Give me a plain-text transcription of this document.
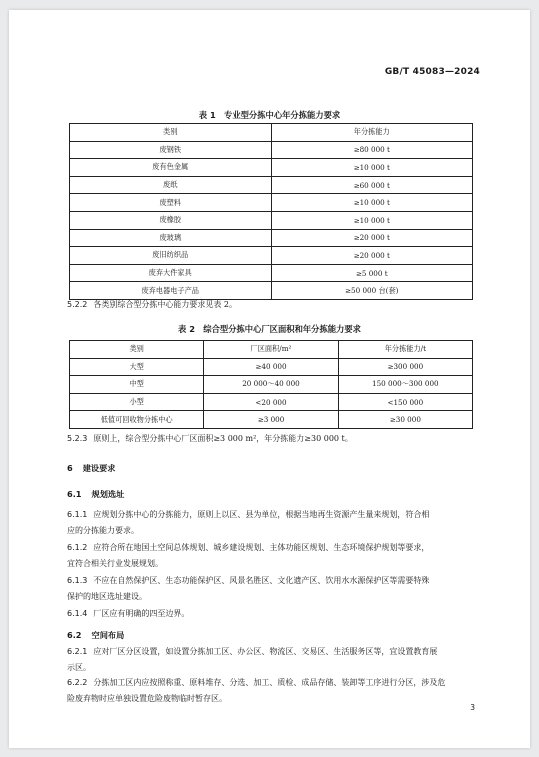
GB/T 45083—2024
表 1　专业型分拣中心年分拣能力要求
类别	年分拣能力
废钢铁	≥80 000 t
废有色金属	≥10 000 t
废纸	≥60 000 t
废塑料	≥10 000 t
废橡胶	≥10 000 t
废玻璃	≥20 000 t
废旧纺织品	≥20 000 t
废弃大件家具	≥5 000 t
废弃电器电子产品	≥50 000 台(套)
5.2.2 各类别综合型分拣中心能力要求见表 2。
表 2　综合型分拣中心厂区面积和年分拣能力要求
类别	厂区面积/m²	年分拣能力/t
大型	≥40 000	≥300 000
中型	20 000～40 000	150 000～300 000
小型	<20 000	<150 000
低值可回收物分拣中心	≥3 000	≥30 000
5.2.3 原则上，综合型分拣中心厂区面积≥3 000 m²，年分拣能力≥30 000 t。
6 建设要求
6.1 规划选址
6.1.1 应规划分拣中心的分拣能力，原则上以区、县为单位，根据当地再生资源产生量来规划，符合相
应的分拣能力要求。
6.1.2 应符合所在地国土空间总体规划、城乡建设规划、主体功能区规划、生态环境保护规划等要求，
宜符合相关行业发展规划。
6.1.3 不应在自然保护区、生态功能保护区、风景名胜区、文化遗产区、饮用水水源保护区等需要特殊
保护的地区选址建设。
6.1.4 厂区应有明确的四至边界。
6.2 空间布局
6.2.1 应对厂区分区设置，如设置分拣加工区、办公区、物流区、交易区、生活服务区等，宜设置教育展
示区。
6.2.2 分拣加工区内应按照称重、原料堆存、分选、加工、质检、成品存储、装卸等工序进行分区，涉及危
险废弃物时应单独设置危险废物临时暂存区。
3
